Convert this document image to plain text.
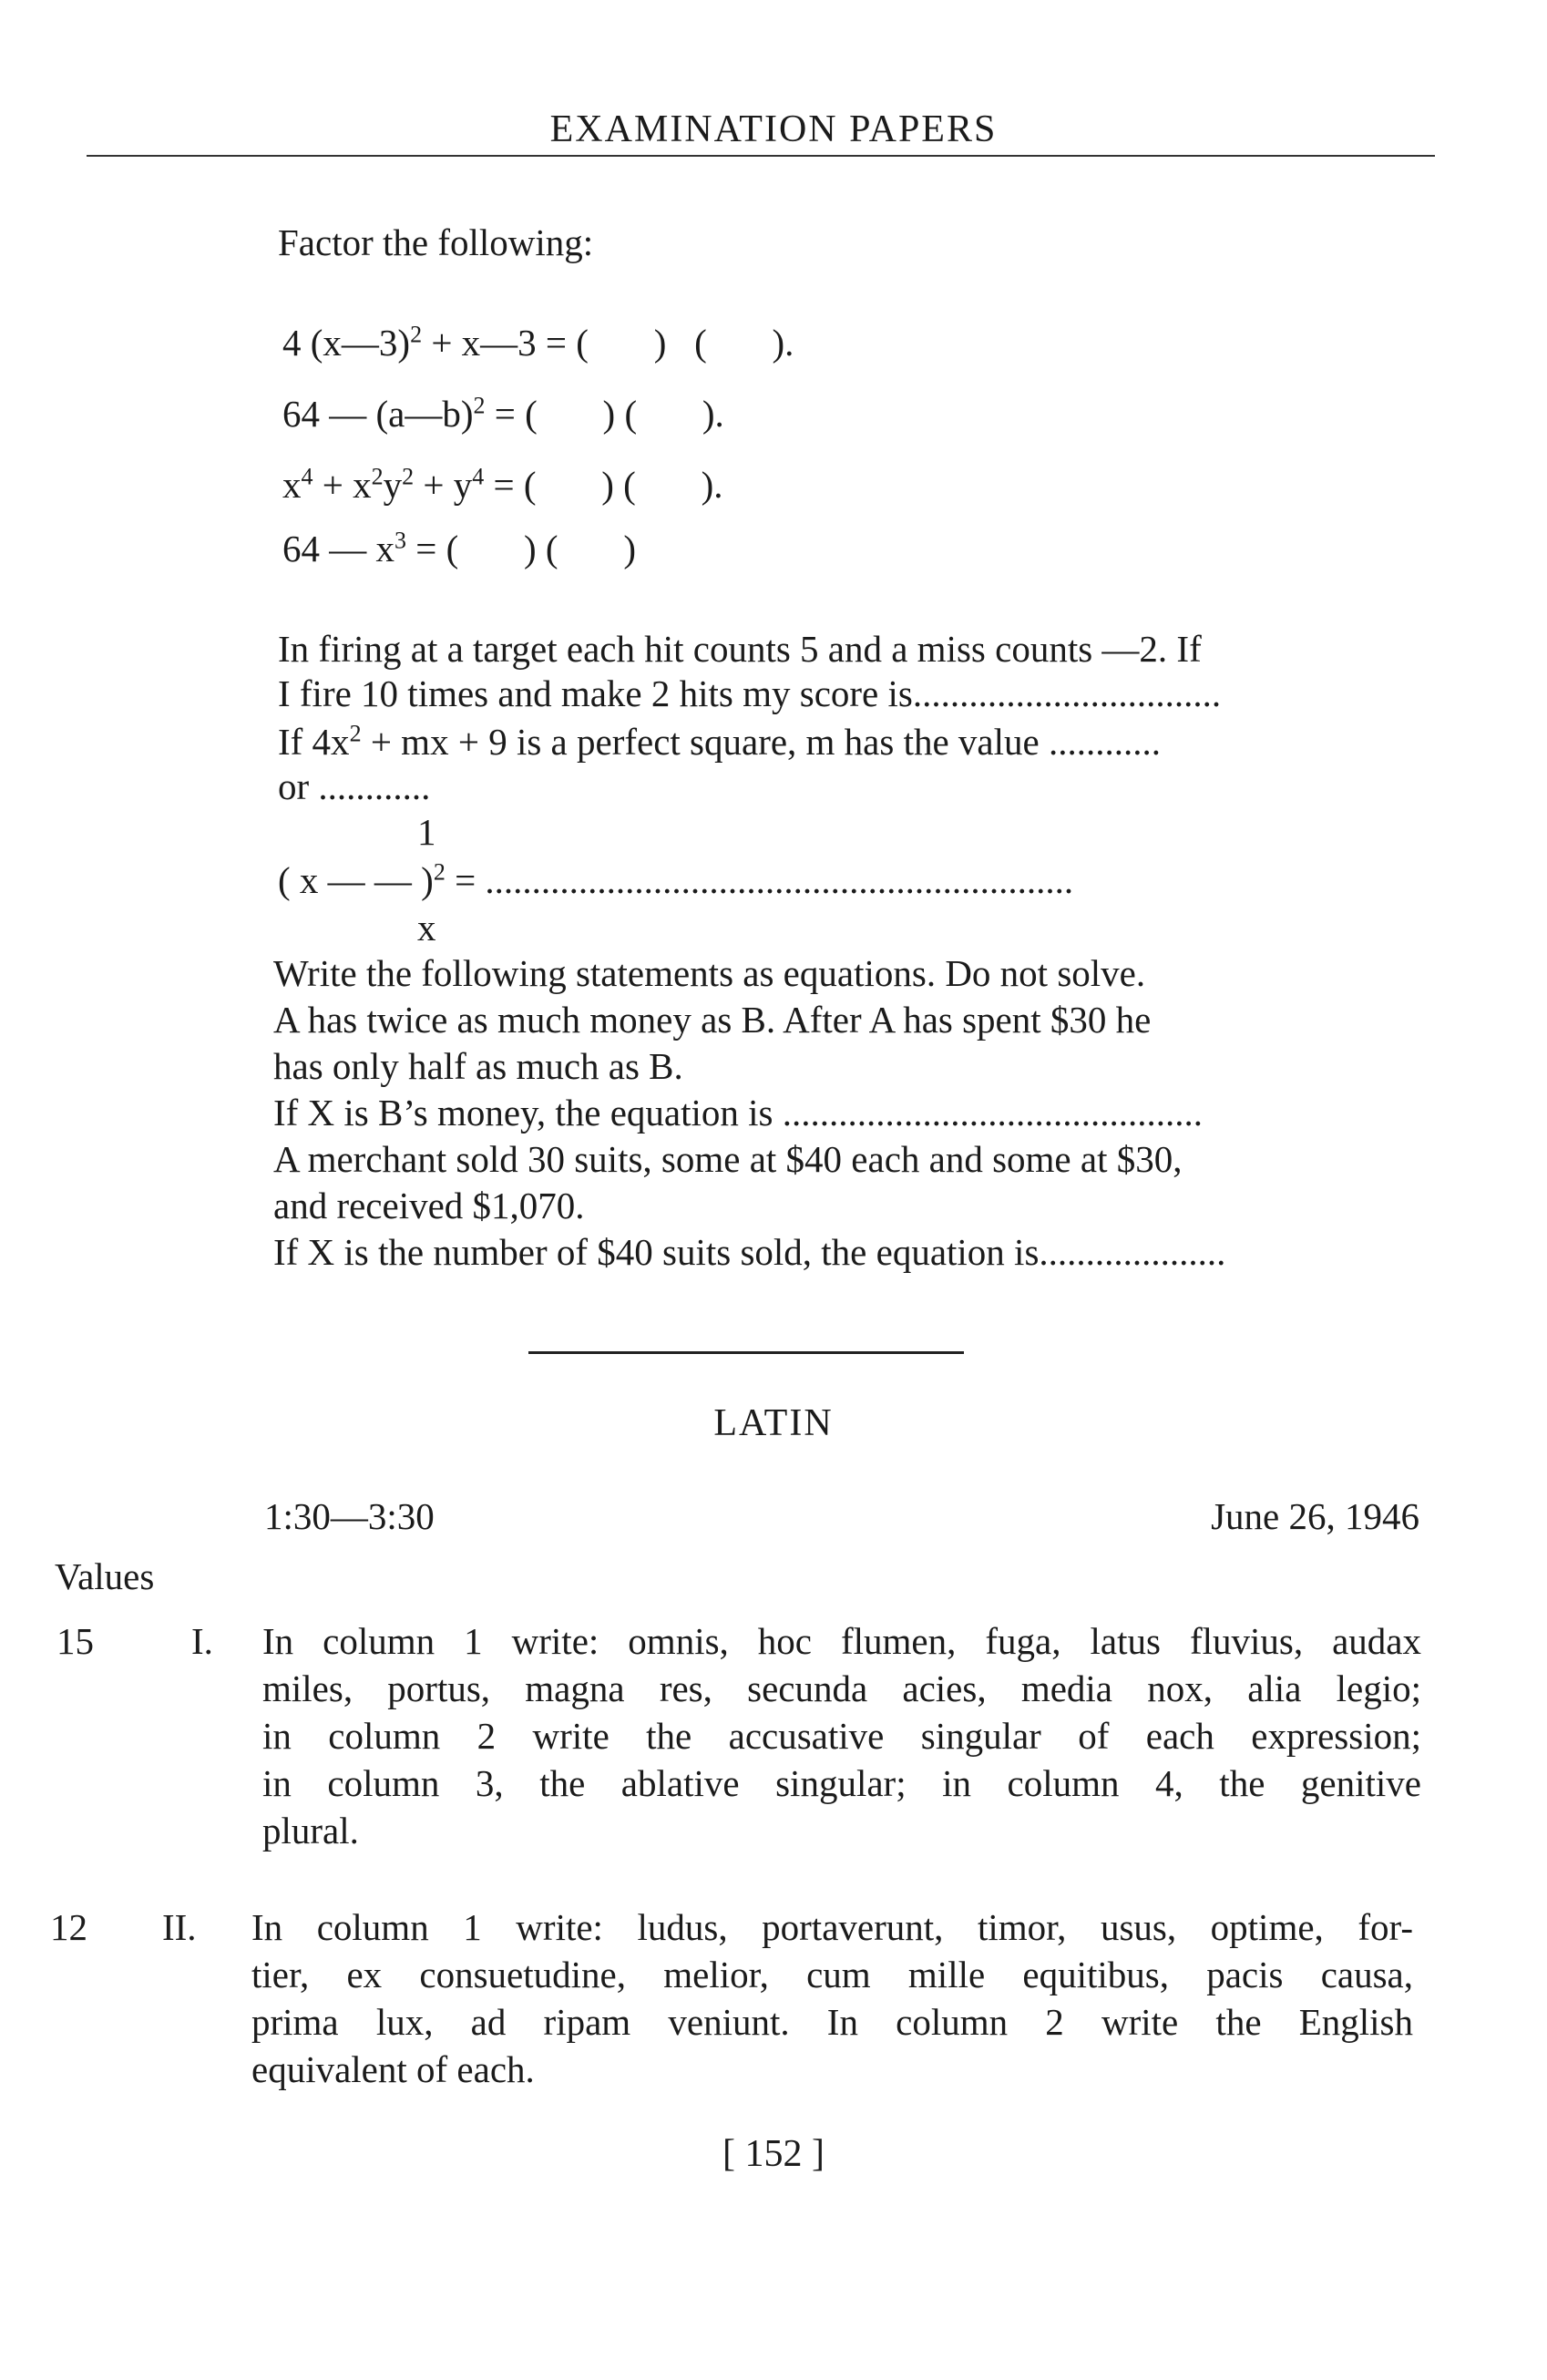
EXAMINATION PAPERS
Factor the following:
4 (x—3)$^2$ + x—3 = (       )   (       ).
64 — (a—b)$^2$ = (       ) (       ).
$x^4 + x^2y^2 + y^4$ = (       ) (       ).
64 — $x^3$ = (       ) (       )
In firing at a target each hit counts 5 and a miss counts —2. If
I fire 10 times and make 2 hits my score is.................................
If $4x^2$ + mx + 9 is a perfect square, m has the value ............
or ............
1
( x — — )$^2$ = ...............................................................
x
Write the following statements as equations. Do not solve.
A has twice as much money as B. After A has spent $30 he
has only half as much as B.
If X is B’s money, the equation is .............................................
A merchant sold 30 suits, some at $40 each and some at $30,
and received $1,070.
If X is the number of $40 suits sold, the equation is....................
LATIN
1:30—3:30	June 26, 1946
Values
15	I. In column 1 write: omnis, hoc flumen, fuga, latus fluvius, audax
miles, portus, magna res, secunda acies, media nox, alia legio;
in column 2 write the accusative singular of each expression;
in column 3, the ablative singular; in column 4, the genitive
plural.
12 II. In column 1 write: ludus, portaverunt, timor, usus, optime, for-
tier, ex consuetudine, melior, cum mille equitibus, pacis causa,
prima lux, ad ripam veniunt. In column 2 write the English
equivalent of each.
[ 152 ]
